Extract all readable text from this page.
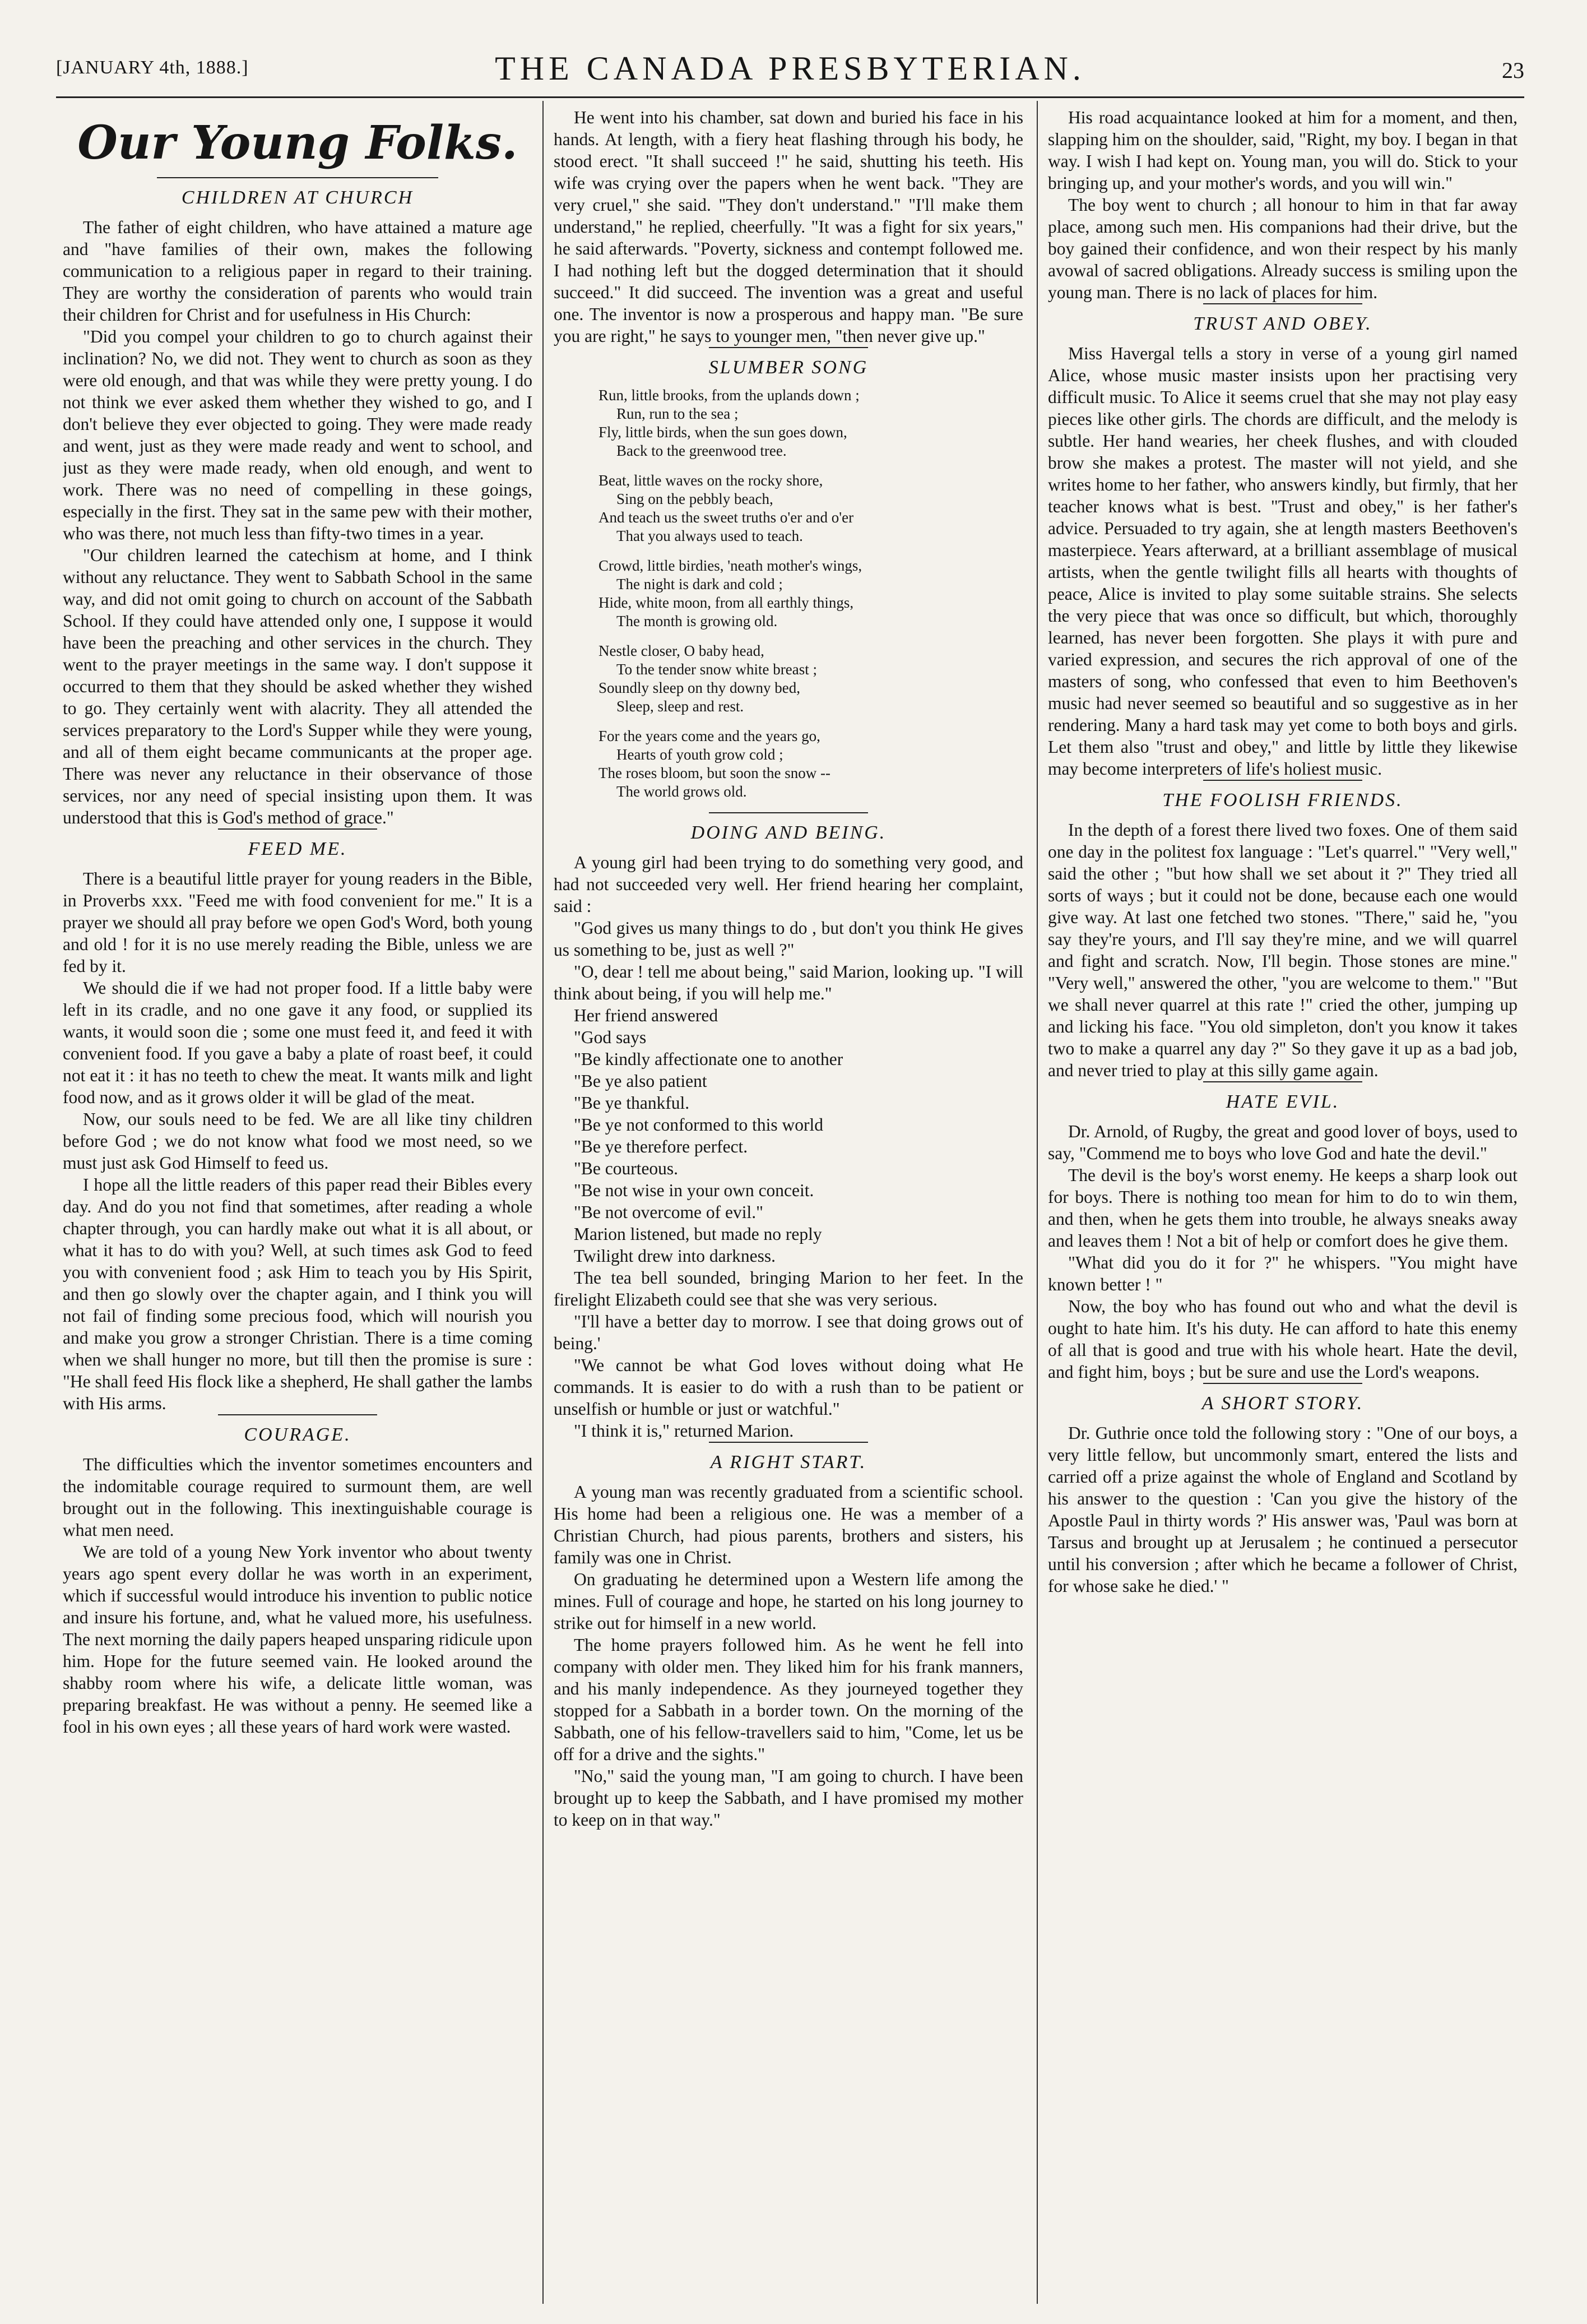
[JANUARY 4th, 1888.]	THE CANADA PRESBYTERIAN.	23
Our Young Folks.
CHILDREN AT CHURCH

The father of eight children, who have attained a mature age and "have families of their own, makes the following communication to a religious paper in regard to their training. They are worthy the consideration of parents who would train their children for Christ and for usefulness in His Church:

"Did you compel your children to go to church against their inclination? No, we did not. They went to church as soon as they were old enough, and that was while they were pretty young. I do not think we ever asked them whether they wished to go, and I don't believe they ever objected to going. They were made ready and went, just as they were made ready and went to school, and just as they were made ready, when old enough, and went to work. There was no need of compelling in these goings, especially in the first. They sat in the same pew with their mother, who was there, not much less than fifty-two times in a year.

"Our children learned the catechism at home, and I think without any reluctance. They went to Sabbath School in the same way, and did not omit going to church on account of the Sabbath School. If they could have attended only one, I suppose it would have been the preaching and other services in the church. They went to the prayer meetings in the same way. I don't suppose it occurred to them that they should be asked whether they wished to go. They certainly went with alacrity. They all attended the services preparatory to the Lord's Supper while they were young, and all of them eight became communicants at the proper age. There was never any reluctance in their observance of those services, nor any need of special insisting upon them. It was understood that this is God's method of grace."

FEED ME.

There is a beautiful little prayer for young readers in the Bible, in Proverbs xxx. "Feed me with food convenient for me." It is a prayer we should all pray before we open God's Word, both young and old ! for it is no use merely reading the Bible, unless we are fed by it.

We should die if we had not proper food. If a little baby were left in its cradle, and no one gave it any food, or supplied its wants, it would soon die ; some one must feed it, and feed it with convenient food. If you gave a baby a plate of roast beef, it could not eat it : it has no teeth to chew the meat. It wants milk and light food now, and as it grows older it will be glad of the meat.

Now, our souls need to be fed. We are all like tiny children before God ; we do not know what food we most need, so we must just ask God Himself to feed us.

I hope all the little readers of this paper read their Bibles every day. And do you not find that sometimes, after reading a whole chapter through, you can hardly make out what it is all about, or what it has to do with you? Well, at such times ask God to feed you with convenient food ; ask Him to teach you by His Spirit, and then go slowly over the chapter again, and I think you will not fail of finding some precious food, which will nourish you and make you grow a stronger Christian. There is a time coming when we shall hunger no more, but till then the promise is sure : "He shall feed His flock like a shepherd, He shall gather the lambs with His arms.

COURAGE.

The difficulties which the inventor sometimes encounters and the indomitable courage required to surmount them, are well brought out in the following. This inextinguishable courage is what men need.

We are told of a young New York inventor who about twenty years ago spent every dollar he was worth in an experiment, which if successful would introduce his invention to public notice and insure his fortune, and, what he valued more, his usefulness. The next morning the daily papers heaped unsparing ridicule upon him. Hope for the future seemed vain. He looked around the shabby room where his wife, a delicate little woman, was preparing breakfast. He was without a penny. He seemed like a fool in his own eyes ; all these years of hard work were wasted.

He went into his chamber, sat down and buried his face in his hands. At length, with a fiery heat flashing through his body, he stood erect. "It shall succeed !" he said, shutting his teeth. His wife was crying over the papers when he went back. "They are very cruel," she said. "They don't understand." "I'll make them understand," he replied, cheerfully. "It was a fight for six years," he said afterwards. "Poverty, sickness and contempt followed me. I had nothing left but the dogged determination that it should succeed." It did succeed. The invention was a great and useful one. The inventor is now a prosperous and happy man. "Be sure you are right," he says to younger men, "then never give up."

SLUMBER SONG
Run, little brooks, from the uplands down ;
Run, run to the sea ;
Fly, little birds, when the sun goes down,
Back to the greenwood tree.
Beat, little waves on the rocky shore,
Sing on the pebbly beach,
And teach us the sweet truths o'er and o'er
That you always used to teach.
Crowd, little birdies, 'neath mother's wings,
The night is dark and cold ;
Hide, white moon, from all earthly things,
The month is growing old.
Nestle closer, O baby head,
To the tender snow white breast ;
Soundly sleep on thy downy bed,
Sleep, sleep and rest.
For the years come and the years go,
Hearts of youth grow cold ;
The roses bloom, but soon the snow --
The world grows old.
DOING AND BEING.

A young girl had been trying to do something very good, and had not succeeded very well. Her friend hearing her complaint, said :

"God gives us many things to do , but don't you think He gives us something to be, just as well ?"

"O, dear ! tell me about being," said Marion, looking up. "I will think about being, if you will help me."

Her friend answered

"God says

"Be kindly affectionate one to another

"Be ye also patient

"Be ye thankful.

"Be ye not conformed to this world

"Be ye therefore perfect.

"Be courteous.

"Be not wise in your own conceit.

"Be not overcome of evil."

Marion listened, but made no reply

Twilight drew into darkness.

The tea bell sounded, bringing Marion to her feet. In the firelight Elizabeth could see that she was very serious.

"I'll have a better day to morrow. I see that doing grows out of being.'

"We cannot be what God loves without doing what He commands. It is easier to do with a rush than to be patient or unselfish or humble or just or watchful."

"I think it is," returned Marion.

A RIGHT START.

A young man was recently graduated from a scientific school. His home had been a religious one. He was a member of a Christian Church, had pious parents, brothers and sisters, his family was one in Christ.

On graduating he determined upon a Western life among the mines. Full of courage and hope, he started on his long journey to strike out for himself in a new world.

The home prayers followed him. As he went he fell into company with older men. They liked him for his frank manners, and his manly independence. As they journeyed together they stopped for a Sabbath in a border town. On the morning of the Sabbath, one of his fellow-travellers said to him, "Come, let us be off for a drive and the sights."

"No," said the young man, "I am going to church. I have been brought up to keep the Sabbath, and I have promised my mother to keep on in that way."

His road acquaintance looked at him for a moment, and then, slapping him on the shoulder, said, "Right, my boy. I began in that way. I wish I had kept on. Young man, you will do. Stick to your bringing up, and your mother's words, and you will win."

The boy went to church ; all honour to him in that far away place, among such men. His companions had their drive, but the boy gained their confidence, and won their respect by his manly avowal of sacred obligations. Already success is smiling upon the young man. There is no lack of places for him.

TRUST AND OBEY.

Miss Havergal tells a story in verse of a young girl named Alice, whose music master insists upon her practising very difficult music. To Alice it seems cruel that she may not play easy pieces like other girls. The chords are difficult, and the melody is subtle. Her hand wearies, her cheek flushes, and with clouded brow she makes a protest. The master will not yield, and she writes home to her father, who answers kindly, but firmly, that her teacher knows what is best. "Trust and obey," is her father's advice. Persuaded to try again, she at length masters Beethoven's masterpiece. Years afterward, at a brilliant assemblage of musical artists, when the gentle twilight fills all hearts with thoughts of peace, Alice is invited to play some suitable strains. She selects the very piece that was once so difficult, but which, thoroughly learned, has never been forgotten. She plays it with pure and varied expression, and secures the rich approval of one of the masters of song, who confessed that even to him Beethoven's music had never seemed so beautiful and so suggestive as in her rendering. Many a hard task may yet come to both boys and girls. Let them also "trust and obey," and little by little they likewise may become interpreters of life's holiest music.

THE FOOLISH FRIENDS.

In the depth of a forest there lived two foxes. One of them said one day in the politest fox language : "Let's quarrel." "Very well," said the other ; "but how shall we set about it ?" They tried all sorts of ways ; but it could not be done, because each one would give way. At last one fetched two stones. "There," said he, "you say they're yours, and I'll say they're mine, and we will quarrel and fight and scratch. Now, I'll begin. Those stones are mine." "Very well," answered the other, "you are welcome to them." "But we shall never quarrel at this rate !" cried the other, jumping up and licking his face. "You old simpleton, don't you know it takes two to make a quarrel any day ?" So they gave it up as a bad job, and never tried to play at this silly game again.

HATE EVIL.

Dr. Arnold, of Rugby, the great and good lover of boys, used to say, "Commend me to boys who love God and hate the devil."

The devil is the boy's worst enemy. He keeps a sharp look out for boys. There is nothing too mean for him to do to win them, and then, when he gets them into trouble, he always sneaks away and leaves them ! Not a bit of help or comfort does he give them.

"What did you do it for ?" he whispers. "You might have known better ! "

Now, the boy who has found out who and what the devil is ought to hate him. It's his duty. He can afford to hate this enemy of all that is good and true with his whole heart. Hate the devil, and fight him, boys ; but be sure and use the Lord's weapons.

A SHORT STORY.

Dr. Guthrie once told the following story : "One of our boys, a very little fellow, but uncommonly smart, entered the lists and carried off a prize against the whole of England and Scotland by his answer to the question : 'Can you give the history of the Apostle Paul in thirty words ?' His answer was, 'Paul was born at Tarsus and brought up at Jerusalem ; he continued a persecutor until his conversion ; after which he became a follower of Christ, for whose sake he died.' "
